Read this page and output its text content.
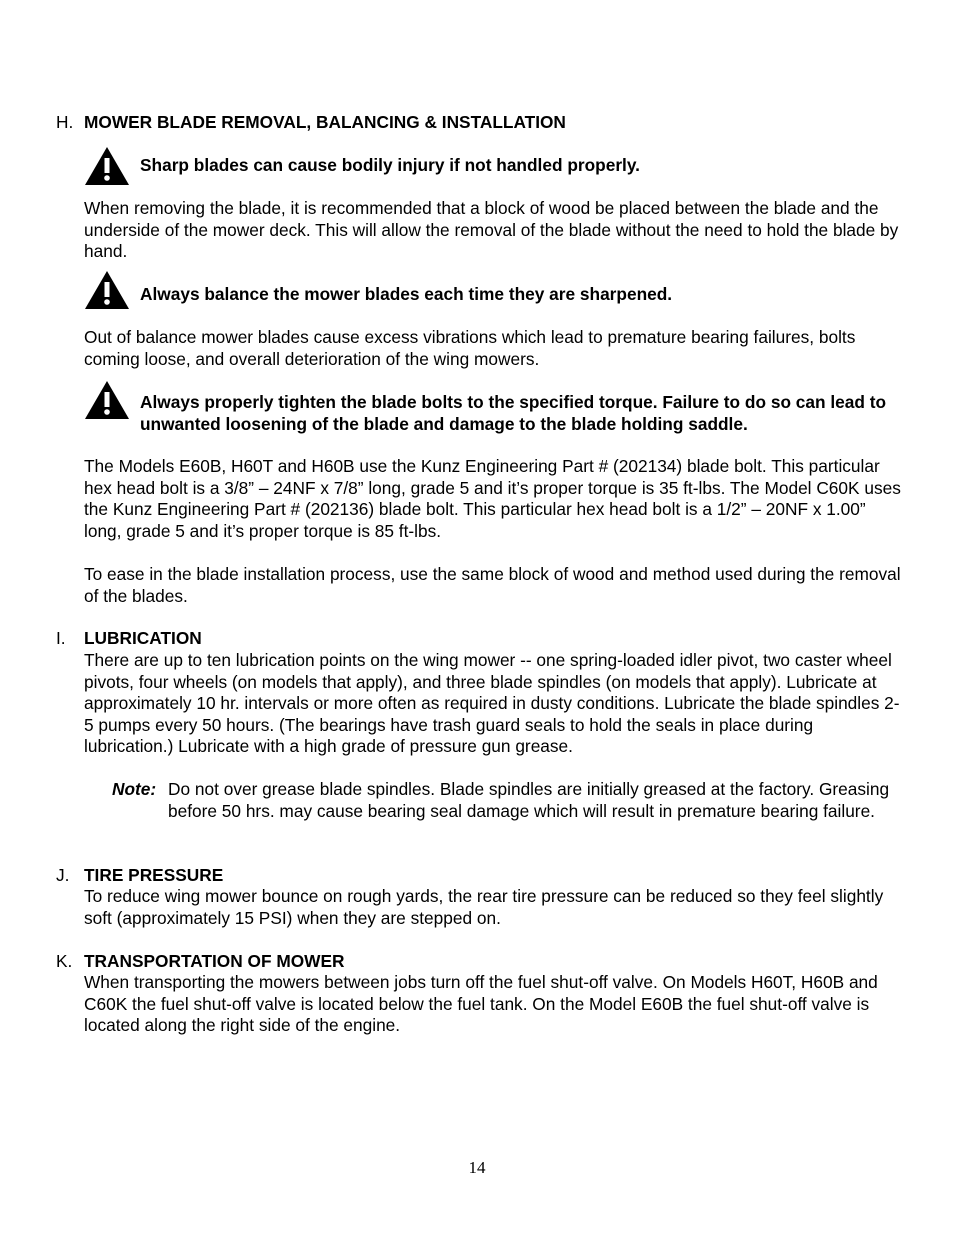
H. MOWER BLADE REMOVAL, BALANCING & INSTALLATION
Sharp blades can cause bodily injury if not handled properly.
When removing the blade, it is recommended that a block of wood be placed between the blade and the underside of the mower deck. This will allow the removal of the blade without the need to hold the blade by hand.
Always balance the mower blades each time they are sharpened.
Out of balance mower blades cause excess vibrations which lead to premature bearing failures, bolts coming loose, and overall deterioration of the wing mowers.
Always properly tighten the blade bolts to the specified torque. Failure to do so can lead to unwanted loosening of the blade and damage to the blade holding saddle.
The Models E60B, H60T and H60B use the Kunz Engineering Part # (202134) blade bolt. This particular hex head bolt is a 3/8” – 24NF x 7/8” long, grade 5 and it’s proper torque is 35 ft-lbs. The Model C60K uses the Kunz Engineering Part # (202136) blade bolt. This particular hex head bolt is a 1/2” – 20NF x 1.00” long, grade 5 and it’s proper torque is 85 ft-lbs.
To ease in the blade installation process, use the same block of wood and method used during the removal of the blades.
I. LUBRICATION
There are up to ten lubrication points on the wing mower -- one spring-loaded idler pivot, two caster wheel pivots, four wheels (on models that apply), and three blade spindles (on models that apply). Lubricate at approximately 10 hr. intervals or more often as required in dusty conditions. Lubricate the blade spindles 2-5 pumps every 50 hours. (The bearings have trash guard seals to hold the seals in place during lubrication.) Lubricate with a high grade of pressure gun grease.
Note: Do not over grease blade spindles. Blade spindles are initially greased at the factory. Greasing before 50 hrs. may cause bearing seal damage which will result in premature bearing failure.
J. TIRE PRESSURE
To reduce wing mower bounce on rough yards, the rear tire pressure can be reduced so they feel slightly soft (approximately 15 PSI) when they are stepped on.
K. TRANSPORTATION OF MOWER
When transporting the mowers between jobs turn off the fuel shut-off valve. On Models H60T, H60B and C60K the fuel shut-off valve is located below the fuel tank. On the Model E60B the fuel shut-off valve is located along the right side of the engine.
14
